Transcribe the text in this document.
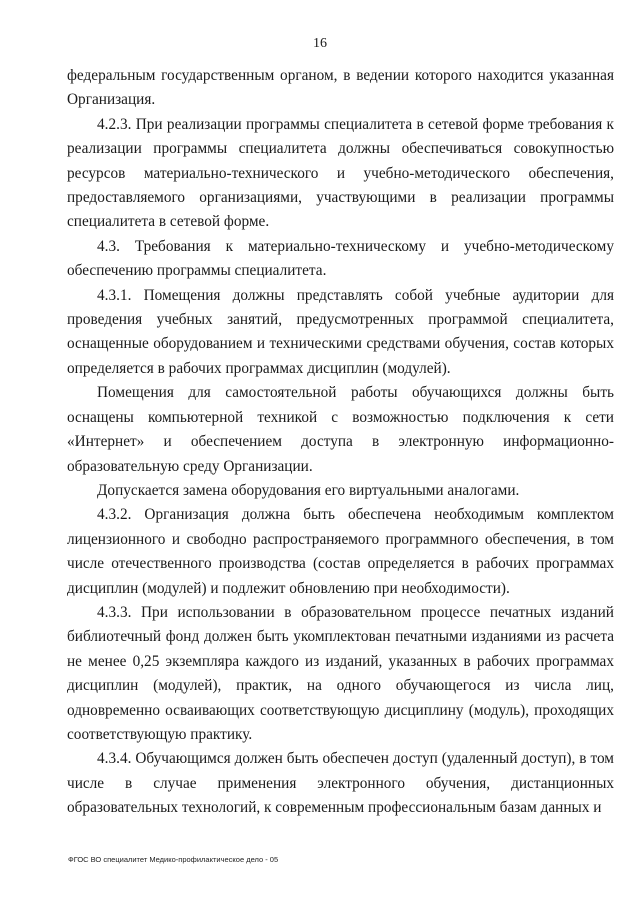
16

федеральным государственным органом, в ведении которого находится указанная Организация.

4.2.3. При реализации программы специалитета в сетевой форме требования к реализации программы специалитета должны обеспечиваться совокупностью ресурсов материально-технического и учебно-методического обеспечения, предоставляемого организациями, участвующими в реализации программы специалитета в сетевой форме.

4.3. Требования к материально-техническому и учебно-методическому обеспечению программы специалитета.

4.3.1. Помещения должны представлять собой учебные аудитории для проведения учебных занятий, предусмотренных программой специалитета, оснащенные оборудованием и техническими средствами обучения, состав которых определяется в рабочих программах дисциплин (модулей).

Помещения для самостоятельной работы обучающихся должны быть оснащены компьютерной техникой с возможностью подключения к сети «Интернет» и обеспечением доступа в электронную информационно-образовательную среду Организации.

Допускается замена оборудования его виртуальными аналогами.

4.3.2. Организация должна быть обеспечена необходимым комплектом лицензионного и свободно распространяемого программного обеспечения, в том числе отечественного производства (состав определяется в рабочих программах дисциплин (модулей) и подлежит обновлению при необходимости).

4.3.3. При использовании в образовательном процессе печатных изданий библиотечный фонд должен быть укомплектован печатными изданиями из расчета не менее 0,25 экземпляра каждого из изданий, указанных в рабочих программах дисциплин (модулей), практик, на одного обучающегося из числа лиц, одновременно осваивающих соответствующую дисциплину (модуль), проходящих соответствующую практику.

4.3.4. Обучающимся должен быть обеспечен доступ (удаленный доступ), в том числе в случае применения электронного обучения, дистанционных образовательных технологий, к современным профессиональным базам данных и

ФГОС ВО специалитет Медико-профилактическое дело - 05
